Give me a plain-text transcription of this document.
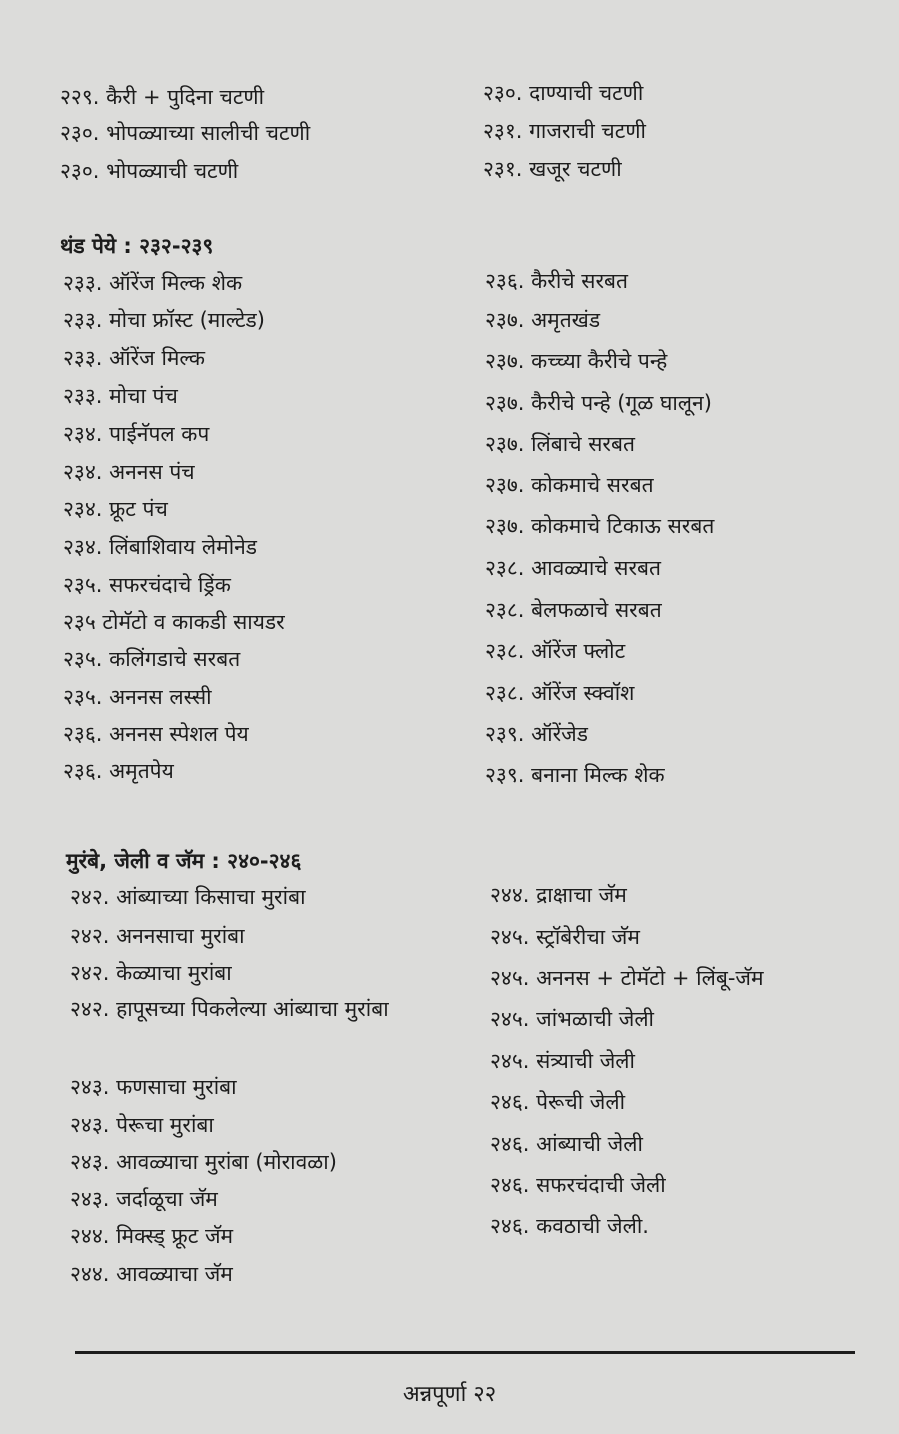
२२९. कैरी + पुदिना चटणी
२३०. भोपळ्याच्या सालीची चटणी
२३०. भोपळ्याची चटणी
२३०. दाण्याची चटणी
२३१. गाजराची चटणी
२३१. खजूर चटणी
थंड पेये : २३२-२३९
२३३. ऑरेंज मिल्क शेक
२३३. मोचा फ्रॉस्ट (माल्टेड)
२३३. ऑरेंज मिल्क
२३३. मोचा पंच
२३४. पाईनॅपल कप
२३४. अननस पंच
२३४. फ्रूट पंच
२३४. लिंबाशिवाय लेमोनेड
२३५. सफरचंदाचे ड्रिंक
२३५ टोमॅटो व काकडी सायडर
२३५. कलिंगडाचे सरबत
२३५. अननस लस्सी
२३६. अननस स्पेशल पेय
२३६. अमृतपेय
२३६. कैरीचे सरबत
२३७. अमृतखंड
२३७. कच्च्या कैरीचे पन्हे
२३७. कैरीचे पन्हे (गूळ घालून)
२३७. लिंबाचे सरबत
२३७. कोकमाचे सरबत
२३७. कोकमाचे टिकाऊ सरबत
२३८. आवळ्याचे सरबत
२३८. बेलफळाचे सरबत
२३८. ऑरेंज फ्लोट
२३८. ऑरेंज स्क्वॉश
२३९. ऑरेंजेड
२३९. बनाना मिल्क शेक
मुरंबे, जेली व जॅम : २४०-२४६
२४२. आंब्याच्या किसाचा मुरांबा
२४२. अननसाचा मुरांबा
२४२. केळ्याचा मुरांबा
२४२. हापूसच्या पिकलेल्या आंब्याचा मुरांबा
२४३. फणसाचा मुरांबा
२४३. पेरूचा मुरांबा
२४३. आवळ्याचा मुरांबा (मोरावळा)
२४३. जर्दाळूचा जॅम
२४४. मिक्स्ड् फ्रूट जॅम
२४४. आवळ्याचा जॅम
२४४. द्राक्षाचा जॅम
२४५. स्ट्रॉबेरीचा जॅम
२४५. अननस + टोमॅटो + लिंबू-जॅम
२४५. जांभळाची जेली
२४५. संत्र्याची जेली
२४६. पेरूची जेली
२४६. आंब्याची जेली
२४६. सफरचंदाची जेली
२४६. कवठाची जेली.
अन्नपूर्णा २२
